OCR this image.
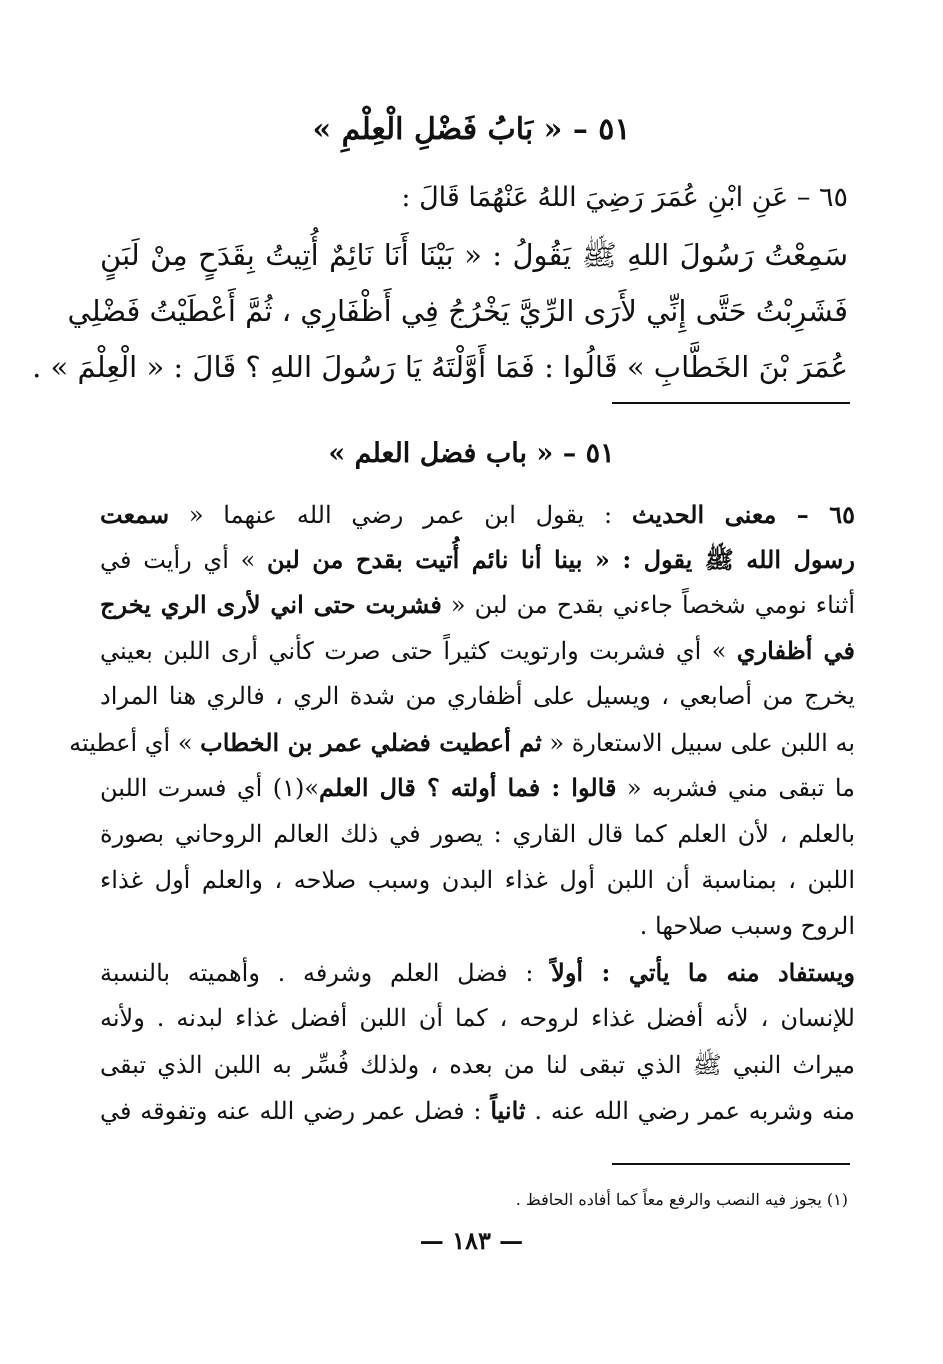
٥١ – « بَابُ فَضْلِ الْعِلْمِ »
٦٥ – عَنِ ابْنِ عُمَرَ رَضِيَ اللهُ عَنْهُمَا قَالَ :
سَمِعْتُ رَسُولَ اللهِ ﷺ يَقُولُ : « بَيْنَا أَنَا نَائِمٌ أُتِيتُ بِقَدَحٍ مِنْ لَبَنٍ
فَشَرِبْتُ حَتَّى إِنِّي لأَرَى الرِّيَّ يَخْرُجُ فِي أَظْفَارِي ، ثُمَّ أَعْطَيْتُ فَضْلِي
عُمَرَ بْنَ الخَطَّابِ » قَالُوا : فَمَا أَوَّلْتَهُ يَا رَسُولَ اللهِ ؟ قَالَ : « الْعِلْمَ » .
٥١ – « باب فضل العلم »
٦٥ – معنى الحديث : يقول ابن عمر رضي الله عنهما « سمعت
رسول الله ﷺ يقول : « بينا أنا نائم أُتيت بقدح من لبن » أي رأيت في
أثناء نومي شخصاً جاءني بقدح من لبن « فشربت حتى اني لأرى الري يخرج
في أظفاري » أي فشربت وارتويت كثيراً حتى صرت كأني أرى اللبن بعيني
يخرج من أصابعي ، ويسيل على أظفاري من شدة الري ، فالري هنا المراد
به اللبن على سبيل الاستعارة « ثم أعطيت فضلي عمر بن الخطاب » أي أعطيته
ما تبقى مني فشربه « قالوا : فما أولته ؟ قال العلم»(١) أي فسرت اللبن
بالعلم ، لأن العلم كما قال القاري : يصور في ذلك العالم الروحاني بصورة
اللبن ، بمناسبة أن اللبن أول غذاء البدن وسبب صلاحه ، والعلم أول غذاء
الروح وسبب صلاحها .
ويستفاد منه ما يأتي : أولاً : فضل العلم وشرفه . وأهميته بالنسبة
للإنسان ، لأنه أفضل غذاء لروحه ، كما أن اللبن أفضل غذاء لبدنه . ولأنه
ميراث النبي ﷺ الذي تبقى لنا من بعده ، ولذلك فُسِّر به اللبن الذي تبقى
منه وشربه عمر رضي الله عنه . ثانياً : فضل عمر رضي الله عنه وتفوقه في
(١) يجوز فيه النصب والرفع معاً كما أفاده الحافظ .
— ١٨٣ —
